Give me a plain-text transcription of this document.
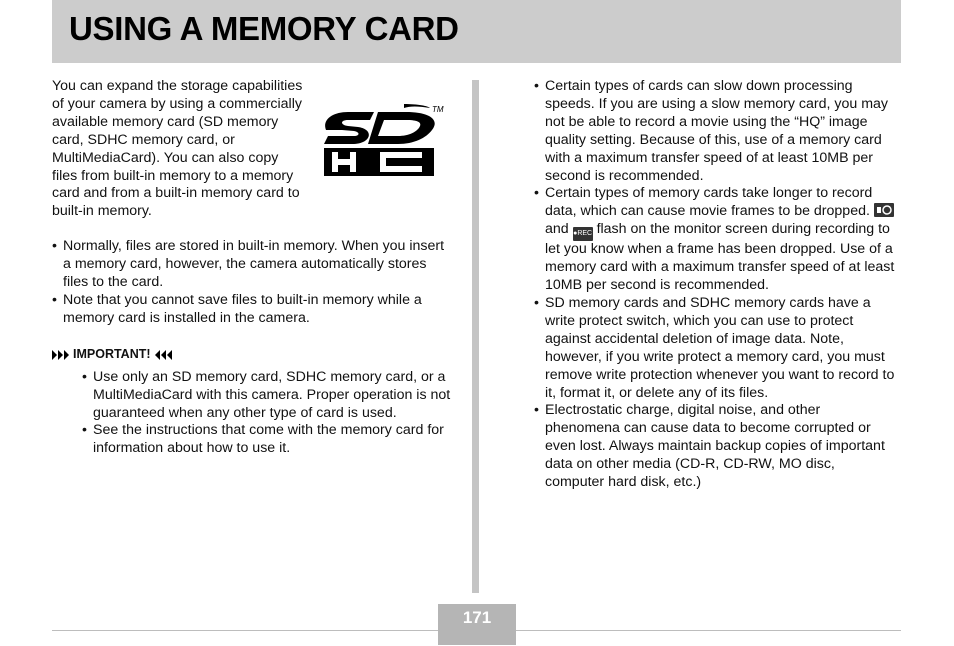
USING A MEMORY CARD

You can expand the storage capabilities of your camera by using a commercially available memory card (SD memory card, SDHC memory card, or MultiMediaCard). You can also copy files from built-in memory to a memory card and from a built-in memory card to built-in memory.

TM
• Normally, files are stored in built-in memory. When you insert a memory card, however, the camera automatically stores files to the card.
• Note that you cannot save files to built-in memory while a memory card is installed in the camera.
IMPORTANT!
• Use only an SD memory card, SDHC memory card, or a MultiMediaCard with this camera. Proper operation is not guaranteed when any other type of card is used.
• See the instructions that come with the memory card for information about how to use it.
• Certain types of cards can slow down processing speeds. If you are using a slow memory card, you may not be able to record a movie using the “HQ” image quality setting. Because of this, use of a memory card with a maximum transfer speed of at least 10MB per second is recommended.
• Certain types of memory cards take longer to record data, which can cause movie frames to be dropped.  and ●REC flash on the monitor screen during recording to let you know when a frame has been dropped. Use of a memory card with a maximum transfer speed of at least 10MB per second is recommended.
• SD memory cards and SDHC memory cards have a write protect switch, which you can use to protect against accidental deletion of image data. Note, however, if you write protect a memory card, you must remove write protection whenever you want to record to it, format it, or delete any of its files.
• Electrostatic charge, digital noise, and other phenomena can cause data to become corrupted or even lost. Always maintain backup copies of important data on other media (CD-R, CD-RW, MO disc, computer hard disk, etc.)
171
